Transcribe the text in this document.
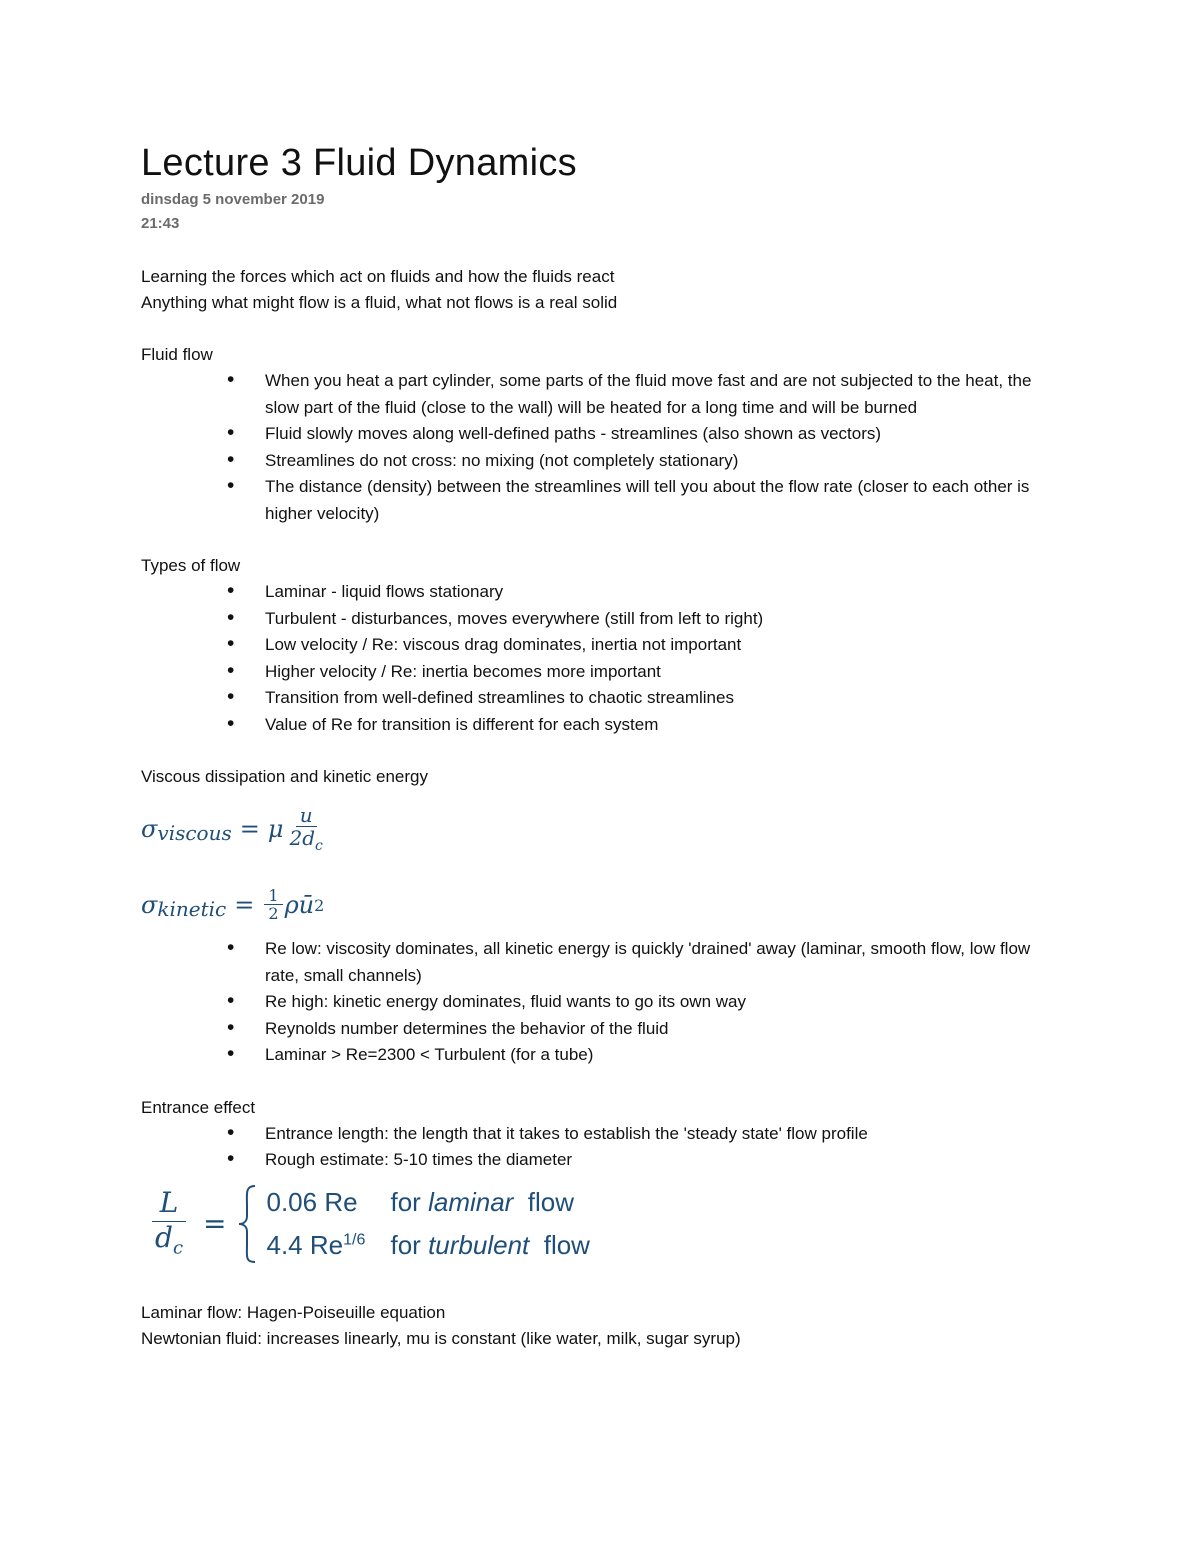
Lecture 3 Fluid Dynamics
dinsdag 5 november 2019
21:43

Learning the forces which act on fluids and how the fluids react

Anything what might flow is a fluid, what not flows is a real solid

Fluid flow

• When you heat a part cylinder, some parts of the fluid move fast and are not subjected to the heat, the slow part of the fluid (close to the wall) will be heated for a long time and will be burned
• Fluid slowly moves along well-defined paths - streamlines (also shown as vectors)
• Streamlines do not cross: no mixing (not completely stationary)
• The distance (density) between the streamlines will tell you about the flow rate (closer to each other is higher velocity)

Types of flow

• Laminar - liquid flows stationary
• Turbulent - disturbances, moves everywhere (still from left to right)
• Low velocity / Re: viscous drag dominates, inertia not important
• Higher velocity / Re: inertia becomes more important
• Transition from well-defined streamlines to chaotic streamlines
• Value of Re for transition is different for each system

Viscous dissipation and kinetic energy

$\sigma_{viscous} = \mu \frac{u}{2d_c}$
$\sigma_{kinetic} = \frac{1}{2}$ ρū 2
• Re low: viscosity dominates, all kinetic energy is quickly 'drained' away (laminar, smooth flow, low flow rate, small channels)
• Re high: kinetic energy dominates, fluid wants to go its own way
• Reynolds number determines the behavior of the fluid
• Laminar > Re=2300 < Turbulent (for a tube)

Entrance effect

• Entrance length: the length that it takes to establish the 'steady state' flow profile
• Rough estimate: 5-10 times the diameter
$\frac{L}{d_c}$ =
0.06 Re	for
laminar
flow
4.4 $Re^{1/6}$ for
turbulent
flow

Laminar flow: Hagen-Poiseuille equation

Newtonian fluid: increases linearly, mu is constant (like water, milk, sugar syrup)
